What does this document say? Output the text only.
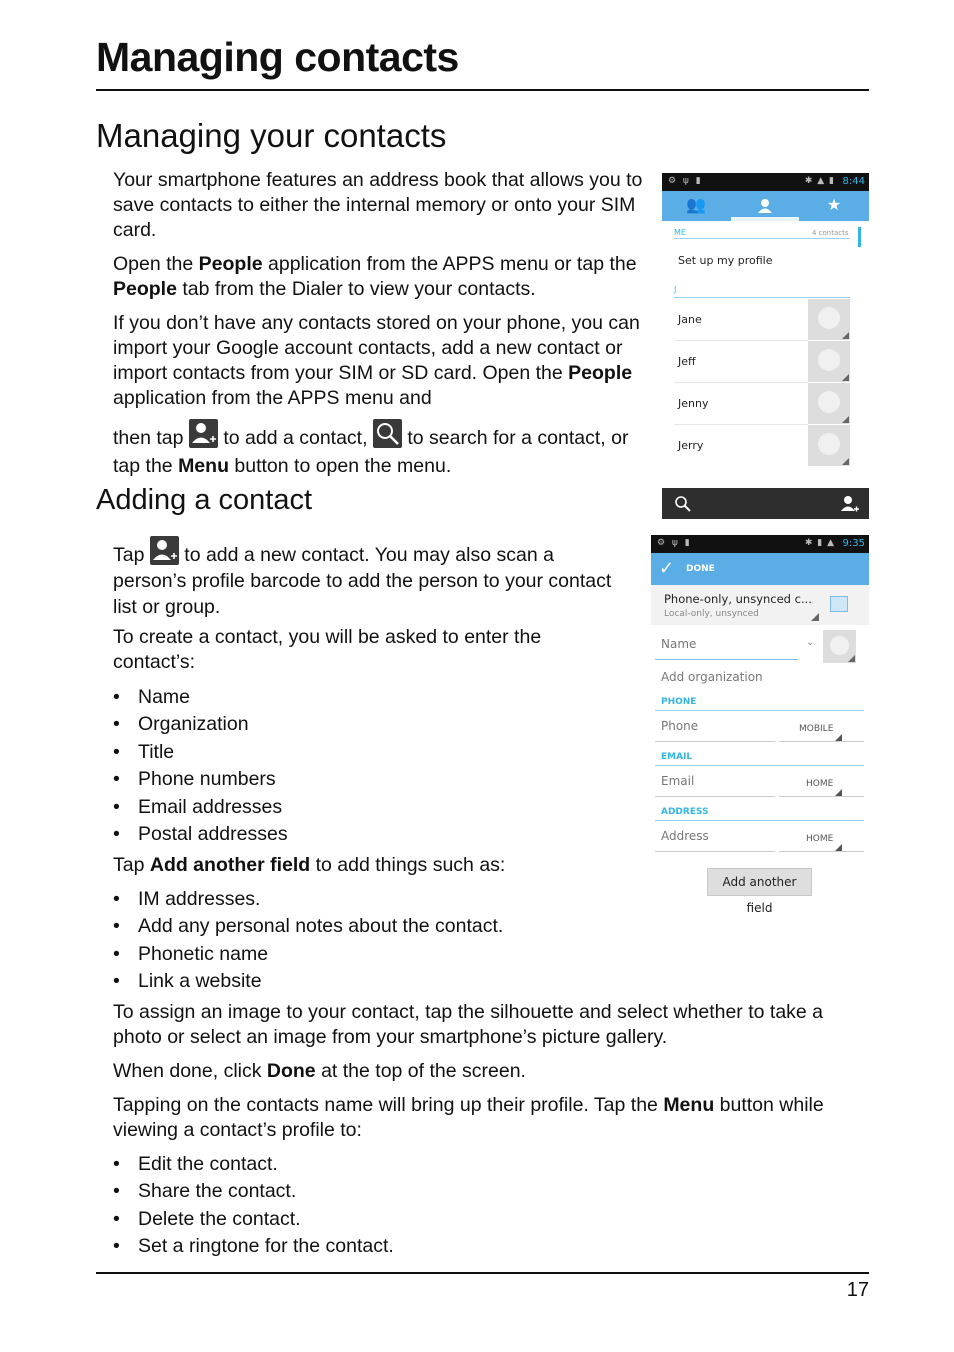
Managing contacts
Managing your contacts

Your smartphone features an address book that allows you to save contacts to either the internal memory or onto your SIM card.

Open the People application from the APPS menu or tap the People tab from the Dialer to view your contacts.

If you don’t have any contacts stored on your phone, you can import your Google account contacts, add a new contact or import contacts from your SIM or SD card. Open the People application from the APPS menu and

then tap  to add a contact,  to search for a contact, or tap the Menu button to open the menu.

Adding a contact

Tap  to add a new contact. You may also scan a person’s profile barcode to add the person to your contact list or group.

To create a contact, you will be asked to enter the contact’s:

• Name
• Organization
• Title
• Phone numbers
• Email addresses
• Postal addresses

Tap Add another field to add things such as:

• IM addresses.
• Add any personal notes about the contact.
• Phonetic name
• Link a website

To assign an image to your contact, tap the silhouette and select whether to take a photo or select an image from your smartphone’s picture gallery.

When done, click Done at the top of the screen.

Tapping on the contacts name will bring up their profile. Tap the Menu button while viewing a contact’s profile to:

• Edit the contact.
• Share the contact.
• Delete the contact.
• Set a ringtone for the contact.
17
⚙ ψ ▮	✱ ▲ ▮ 8:44
👥	★
ME	4 contacts
Set up my profile
J
Jane
Jeff
Jenny
Jerry
⚙ ψ ▮	✱ ▮ ▲ 9:35
✓ DONE
Phone-only, unsynced c...
Local-only, unsynced
Name	⌄
Add organization
PHONE
Phone	MOBILE
EMAIL
Email	HOME
ADDRESS
Address	HOME
Add another field
